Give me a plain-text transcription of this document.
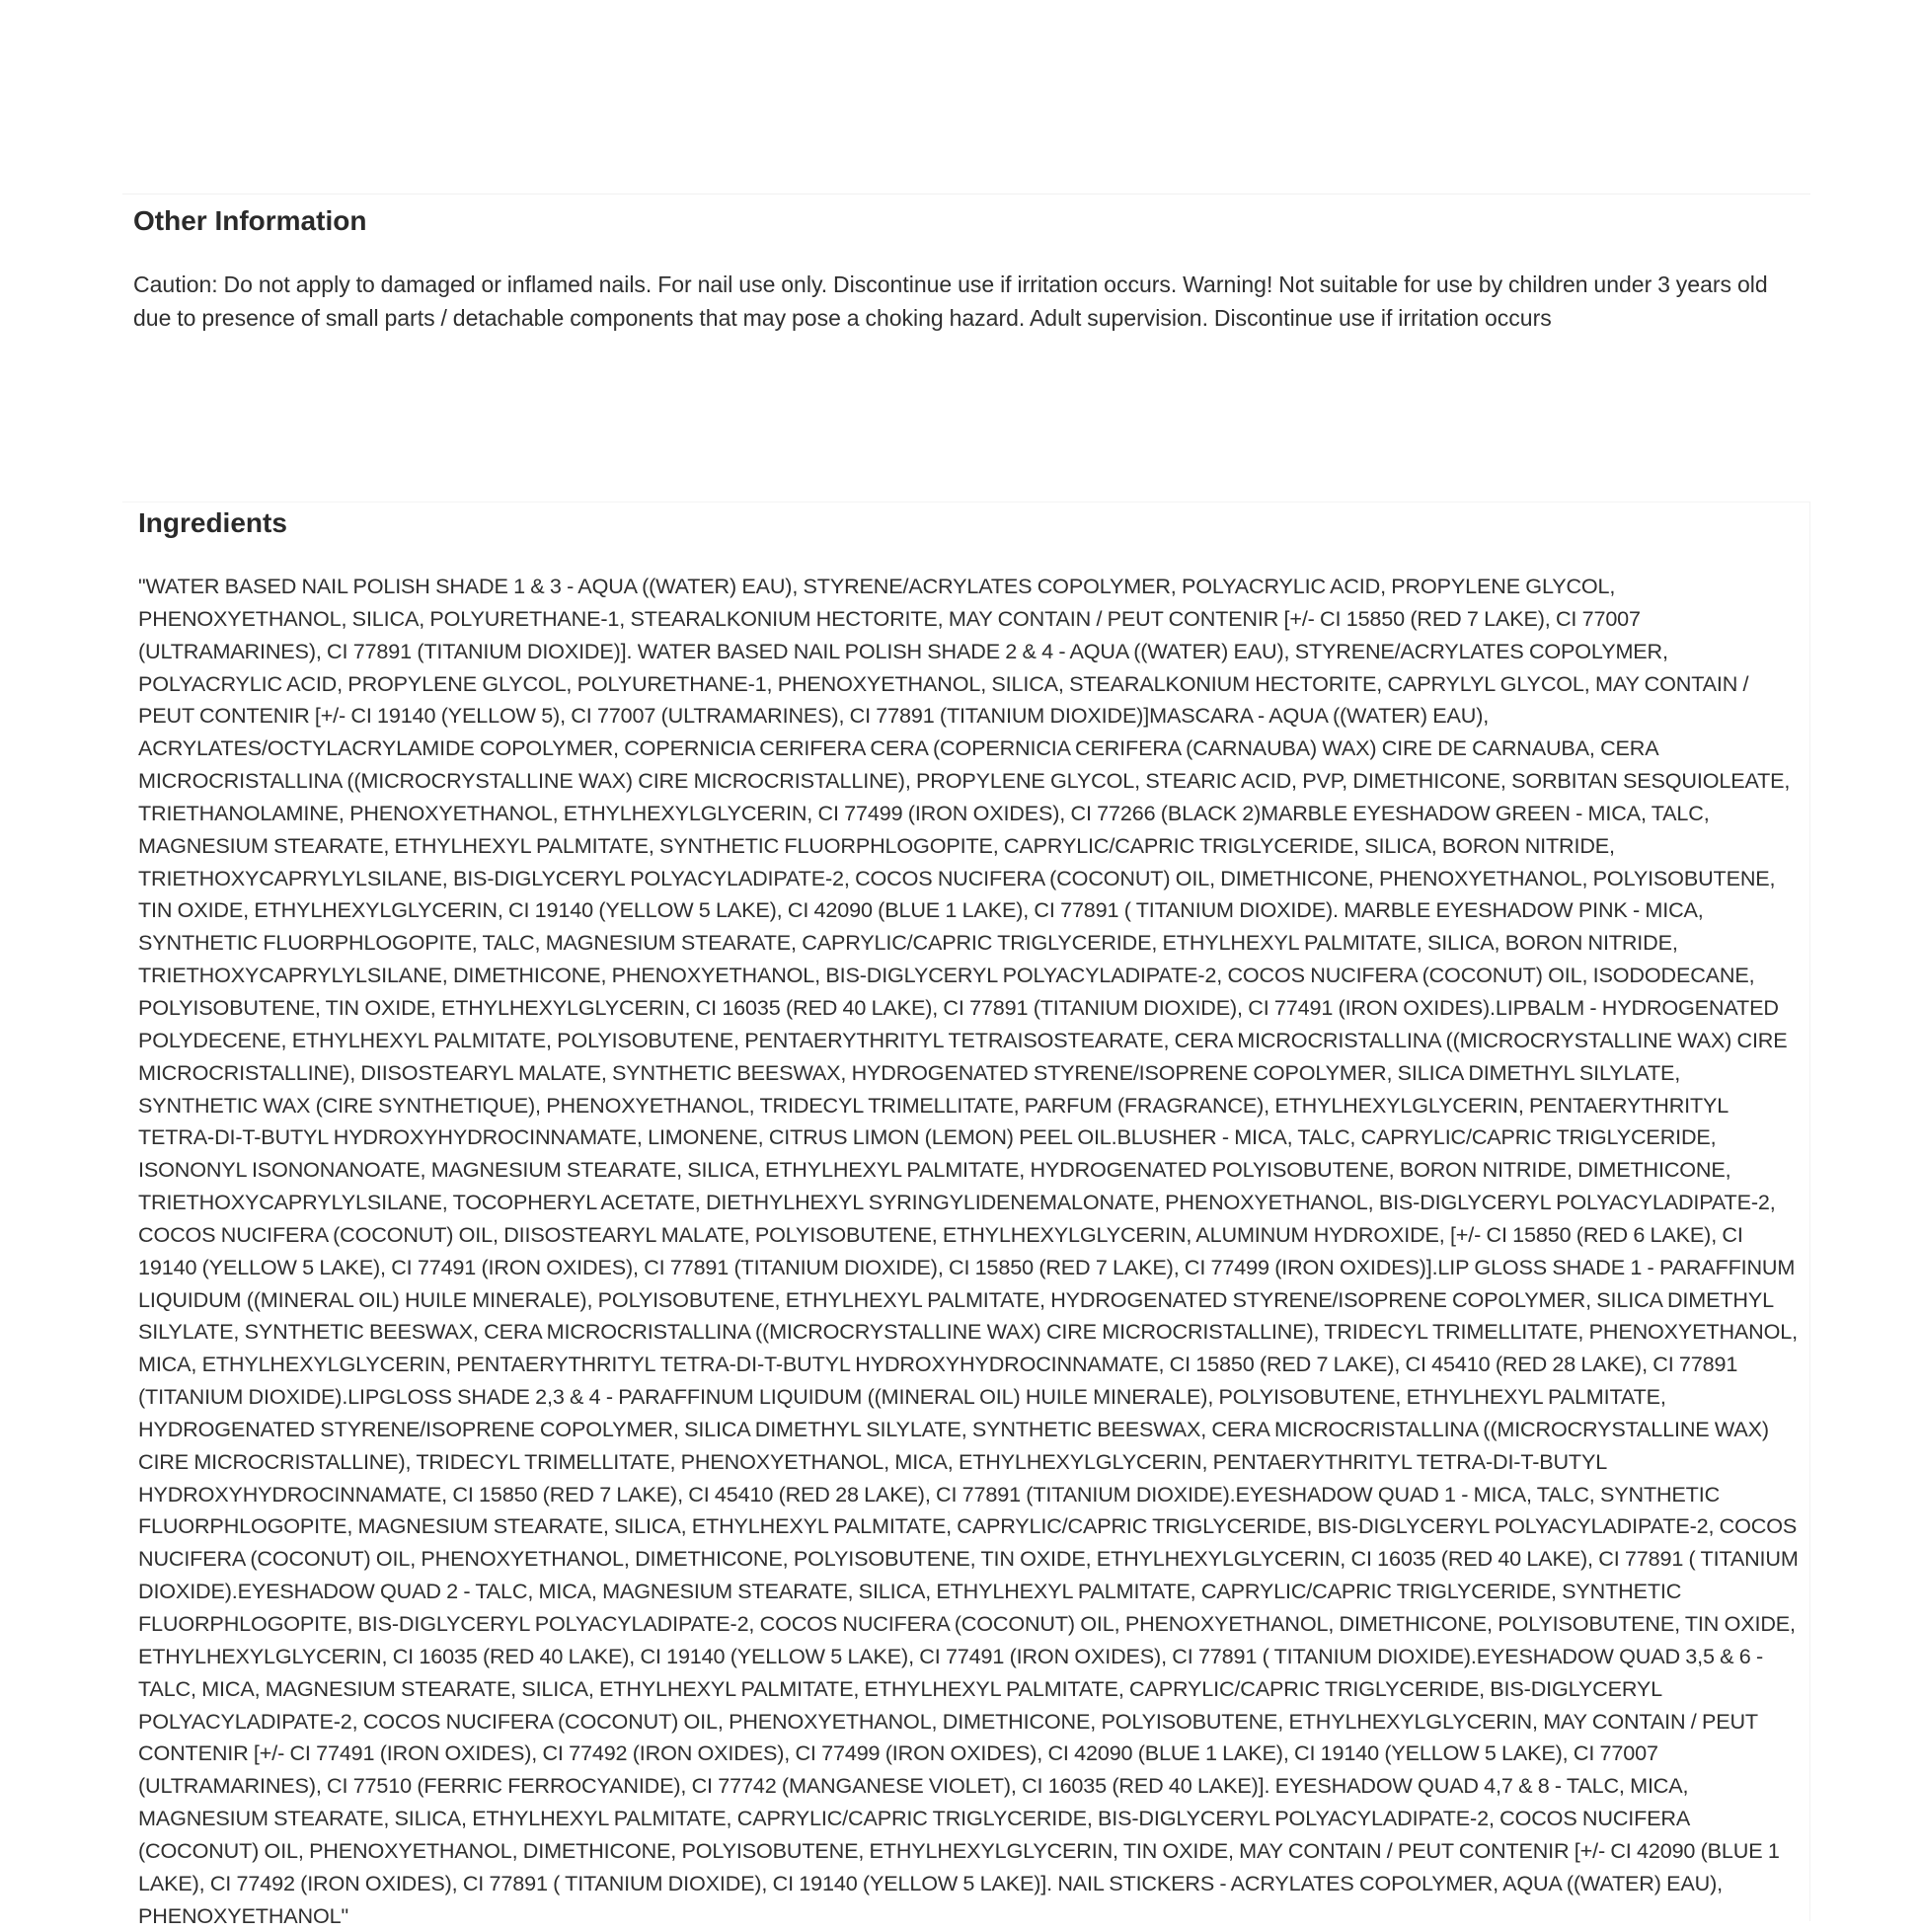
Other Information

Caution: Do not apply to damaged or inflamed nails. For nail use only. Discontinue use if irritation occurs. Warning! Not suitable for use by children under 3 years old due to presence of small parts / detachable components that may pose a choking hazard. Adult supervision. Discontinue use if irritation occurs

Ingredients

"WATER BASED NAIL POLISH SHADE 1 & 3 - AQUA ((WATER) EAU), STYRENE/ACRYLATES COPOLYMER, POLYACRYLIC ACID, PROPYLENE GLYCOL, PHENOXYETHANOL, SILICA, POLYURETHANE-1, STEARALKONIUM HECTORITE, MAY CONTAIN / PEUT CONTENIR [+/- CI 15850 (RED 7 LAKE), CI 77007 (ULTRAMARINES), CI 77891 (TITANIUM DIOXIDE)]. WATER BASED NAIL POLISH SHADE 2 & 4 - AQUA ((WATER) EAU), STYRENE/ACRYLATES COPOLYMER, POLYACRYLIC ACID, PROPYLENE GLYCOL, POLYURETHANE-1, PHENOXYETHANOL, SILICA, STEARALKONIUM HECTORITE, CAPRYLYL GLYCOL, MAY CONTAIN / PEUT CONTENIR [+/- CI 19140 (YELLOW 5), CI 77007 (ULTRAMARINES), CI 77891 (TITANIUM DIOXIDE)]MASCARA - AQUA ((WATER) EAU), ACRYLATES/OCTYLACRYLAMIDE COPOLYMER, COPERNICIA CERIFERA CERA (COPERNICIA CERIFERA (CARNAUBA) WAX) CIRE DE CARNAUBA, CERA MICROCRISTALLINA ((MICROCRYSTALLINE WAX) CIRE MICROCRISTALLINE), PROPYLENE GLYCOL, STEARIC ACID, PVP, DIMETHICONE, SORBITAN SESQUIOLEATE, TRIETHANOLAMINE, PHENOXYETHANOL, ETHYLHEXYLGLYCERIN, CI 77499 (IRON OXIDES), CI 77266 (BLACK 2)MARBLE EYESHADOW GREEN - MICA, TALC, MAGNESIUM STEARATE, ETHYLHEXYL PALMITATE, SYNTHETIC FLUORPHLOGOPITE, CAPRYLIC/CAPRIC TRIGLYCERIDE, SILICA, BORON NITRIDE, TRIETHOXYCAPRYLYLSILANE, BIS-DIGLYCERYL POLYACYLADIPATE-2, COCOS NUCIFERA (COCONUT) OIL, DIMETHICONE, PHENOXYETHANOL, POLYISOBUTENE, TIN OXIDE, ETHYLHEXYLGLYCERIN, CI 19140 (YELLOW 5 LAKE), CI 42090 (BLUE 1 LAKE), CI 77891 ( TITANIUM DIOXIDE). MARBLE EYESHADOW PINK - MICA, SYNTHETIC FLUORPHLOGOPITE, TALC, MAGNESIUM STEARATE, CAPRYLIC/CAPRIC TRIGLYCERIDE, ETHYLHEXYL PALMITATE, SILICA, BORON NITRIDE, TRIETHOXYCAPRYLYLSILANE, DIMETHICONE, PHENOXYETHANOL, BIS-DIGLYCERYL POLYACYLADIPATE-2, COCOS NUCIFERA (COCONUT) OIL, ISODODECANE, POLYISOBUTENE, TIN OXIDE, ETHYLHEXYLGLYCERIN, CI 16035 (RED 40 LAKE), CI 77891 (TITANIUM DIOXIDE), CI 77491 (IRON OXIDES).LIPBALM - HYDROGENATED POLYDECENE, ETHYLHEXYL PALMITATE, POLYISOBUTENE, PENTAERYTHRITYL TETRAISOSTEARATE, CERA MICROCRISTALLINA ((MICROCRYSTALLINE WAX) CIRE MICROCRISTALLINE), DIISOSTEARYL MALATE, SYNTHETIC BEESWAX, HYDROGENATED STYRENE/ISOPRENE COPOLYMER, SILICA DIMETHYL SILYLATE, SYNTHETIC WAX (CIRE SYNTHETIQUE), PHENOXYETHANOL, TRIDECYL TRIMELLITATE, PARFUM (FRAGRANCE), ETHYLHEXYLGLYCERIN, PENTAERYTHRITYL TETRA-DI-T-BUTYL HYDROXYHYDROCINNAMATE, LIMONENE, CITRUS LIMON (LEMON) PEEL OIL.BLUSHER - MICA, TALC, CAPRYLIC/CAPRIC TRIGLYCERIDE, ISONONYL ISONONANOATE, MAGNESIUM STEARATE, SILICA, ETHYLHEXYL PALMITATE, HYDROGENATED POLYISOBUTENE, BORON NITRIDE, DIMETHICONE, TRIETHOXYCAPRYLYLSILANE, TOCOPHERYL ACETATE, DIETHYLHEXYL SYRINGYLIDENEMALONATE, PHENOXYETHANOL, BIS-DIGLYCERYL POLYACYLADIPATE-2, COCOS NUCIFERA (COCONUT) OIL, DIISOSTEARYL MALATE, POLYISOBUTENE, ETHYLHEXYLGLYCERIN, ALUMINUM HYDROXIDE, [+/- CI 15850 (RED 6 LAKE), CI 19140 (YELLOW 5 LAKE), CI 77491 (IRON OXIDES), CI 77891 (TITANIUM DIOXIDE), CI 15850 (RED 7 LAKE), CI 77499 (IRON OXIDES)].LIP GLOSS SHADE 1 - PARAFFINUM LIQUIDUM ((MINERAL OIL) HUILE MINERALE), POLYISOBUTENE, ETHYLHEXYL PALMITATE, HYDROGENATED STYRENE/ISOPRENE COPOLYMER, SILICA DIMETHYL SILYLATE, SYNTHETIC BEESWAX, CERA MICROCRISTALLINA ((MICROCRYSTALLINE WAX) CIRE MICROCRISTALLINE), TRIDECYL TRIMELLITATE, PHENOXYETHANOL, MICA, ETHYLHEXYLGLYCERIN, PENTAERYTHRITYL TETRA-DI-T-BUTYL HYDROXYHYDROCINNAMATE, CI 15850 (RED 7 LAKE), CI 45410 (RED 28 LAKE), CI 77891 (TITANIUM DIOXIDE).LIPGLOSS SHADE 2,3 & 4 - PARAFFINUM LIQUIDUM ((MINERAL OIL) HUILE MINERALE), POLYISOBUTENE, ETHYLHEXYL PALMITATE, HYDROGENATED STYRENE/ISOPRENE COPOLYMER, SILICA DIMETHYL SILYLATE, SYNTHETIC BEESWAX, CERA MICROCRISTALLINA ((MICROCRYSTALLINE WAX) CIRE MICROCRISTALLINE), TRIDECYL TRIMELLITATE, PHENOXYETHANOL, MICA, ETHYLHEXYLGLYCERIN, PENTAERYTHRITYL TETRA-DI-T-BUTYL HYDROXYHYDROCINNAMATE, CI 15850 (RED 7 LAKE), CI 45410 (RED 28 LAKE), CI 77891 (TITANIUM DIOXIDE).EYESHADOW QUAD 1 - MICA, TALC, SYNTHETIC FLUORPHLOGOPITE, MAGNESIUM STEARATE, SILICA, ETHYLHEXYL PALMITATE, CAPRYLIC/CAPRIC TRIGLYCERIDE, BIS-DIGLYCERYL POLYACYLADIPATE-2, COCOS NUCIFERA (COCONUT) OIL, PHENOXYETHANOL, DIMETHICONE, POLYISOBUTENE, TIN OXIDE, ETHYLHEXYLGLYCERIN, CI 16035 (RED 40 LAKE), CI 77891 ( TITANIUM DIOXIDE).EYESHADOW QUAD 2 - TALC, MICA, MAGNESIUM STEARATE, SILICA, ETHYLHEXYL PALMITATE, CAPRYLIC/CAPRIC TRIGLYCERIDE, SYNTHETIC FLUORPHLOGOPITE, BIS-DIGLYCERYL POLYACYLADIPATE-2, COCOS NUCIFERA (COCONUT) OIL, PHENOXYETHANOL, DIMETHICONE, POLYISOBUTENE, TIN OXIDE, ETHYLHEXYLGLYCERIN, CI 16035 (RED 40 LAKE), CI 19140 (YELLOW 5 LAKE), CI 77491 (IRON OXIDES), CI 77891 ( TITANIUM DIOXIDE).EYESHADOW QUAD 3,5 & 6 - TALC, MICA, MAGNESIUM STEARATE, SILICA, ETHYLHEXYL PALMITATE, ETHYLHEXYL PALMITATE, CAPRYLIC/CAPRIC TRIGLYCERIDE, BIS-DIGLYCERYL POLYACYLADIPATE-2, COCOS NUCIFERA (COCONUT) OIL, PHENOXYETHANOL, DIMETHICONE, POLYISOBUTENE, ETHYLHEXYLGLYCERIN, MAY CONTAIN / PEUT CONTENIR [+/- CI 77491 (IRON OXIDES), CI 77492 (IRON OXIDES), CI 77499 (IRON OXIDES), CI 42090 (BLUE 1 LAKE), CI 19140 (YELLOW 5 LAKE), CI 77007 (ULTRAMARINES), CI 77510 (FERRIC FERROCYANIDE), CI 77742 (MANGANESE VIOLET), CI 16035 (RED 40 LAKE)]. EYESHADOW QUAD 4,7 & 8 - TALC, MICA, MAGNESIUM STEARATE, SILICA, ETHYLHEXYL PALMITATE, CAPRYLIC/CAPRIC TRIGLYCERIDE, BIS-DIGLYCERYL POLYACYLADIPATE-2, COCOS NUCIFERA (COCONUT) OIL, PHENOXYETHANOL, DIMETHICONE, POLYISOBUTENE, ETHYLHEXYLGLYCERIN, TIN OXIDE, MAY CONTAIN / PEUT CONTENIR [+/- CI 42090 (BLUE 1 LAKE), CI 77492 (IRON OXIDES), CI 77891 ( TITANIUM DIOXIDE), CI 19140 (YELLOW 5 LAKE)]. NAIL STICKERS - ACRYLATES COPOLYMER, AQUA ((WATER) EAU), PHENOXYETHANOL"
